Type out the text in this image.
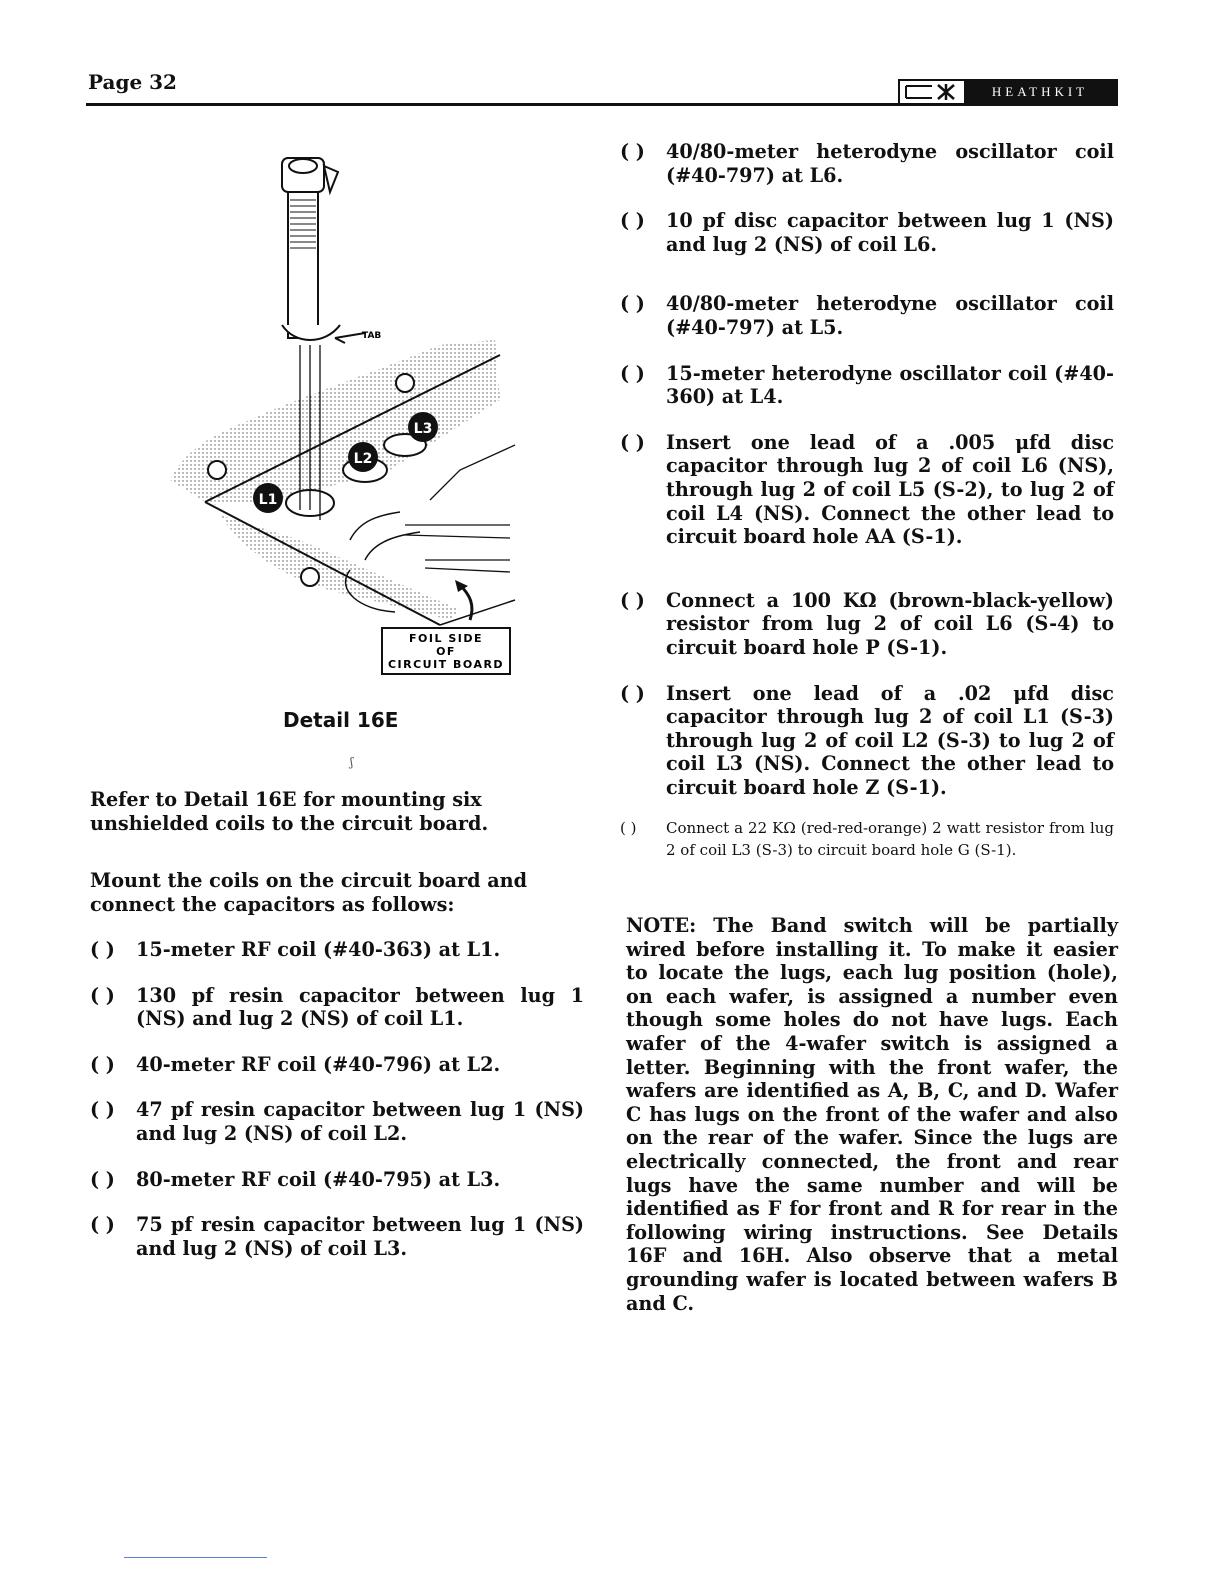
Page 32	HEATHKIT
TAB
L1
L2
L3
FOIL SIDE
OF
CIRCUIT BOARD
Detail 16E
ʃ

Refer to Detail 16E for mounting six unshielded coils to the circuit board.

Mount the coils on the circuit board and connect the capacitors as follows:

( ) 15-meter RF coil (#40-363) at L1.

( ) 130 pf resin capacitor between lug 1 (NS) and lug 2 (NS) of coil L1.

( ) 40-meter RF coil (#40-796) at L2.

( ) 47 pf resin capacitor between lug 1 (NS) and lug 2 (NS) of coil L2.

( ) 80-meter RF coil (#40-795) at L3.

( ) 75 pf resin capacitor between lug 1 (NS) and lug 2 (NS) of coil L3.

( ) 40/80-meter heterodyne oscillator coil (#40-797) at L6.

( ) 10 pf disc capacitor between lug 1 (NS) and lug 2 (NS) of coil L6.

( ) 40/80-meter heterodyne oscillator coil (#40-797) at L5.

( ) 15-meter heterodyne oscillator coil (#40-360) at L4.

( ) Insert one lead of a .005 μfd disc capacitor through lug 2 of coil L6 (NS), through lug 2 of coil L5 (S-2), to lug 2 of coil L4 (NS). Connect the other lead to circuit board hole AA (S-1).

( ) Connect a 100 KΩ (brown-black-yellow) resistor from lug 2 of coil L6 (S-4) to circuit board hole P (S-1).

( ) Insert one lead of a .02 μfd disc capacitor through lug 2 of coil L1 (S-3) through lug 2 of coil L2 (S-3) to lug 2 of coil L3 (NS). Connect the other lead to circuit board hole Z (S-1).

( ) Connect a 22 KΩ (red-red-orange) 2 watt resistor from lug 2 of coil L3 (S-3) to circuit board hole G (S-1).

NOTE: The Band switch will be partially wired before installing it. To make it easier to locate the lugs, each lug position (hole), on each wafer, is assigned a number even though some holes do not have lugs. Each wafer of the 4-wafer switch is assigned a letter. Beginning with the front wafer, the wafers are identified as A, B, C, and D. Wafer C has lugs on the front of the wafer and also on the rear of the wafer. Since the lugs are electrically connected, the front and rear lugs have the same number and will be identified as F for front and R for rear in the following wiring instructions. See Details 16F and 16H. Also observe that a metal grounding wafer is located between wafers B and C.
